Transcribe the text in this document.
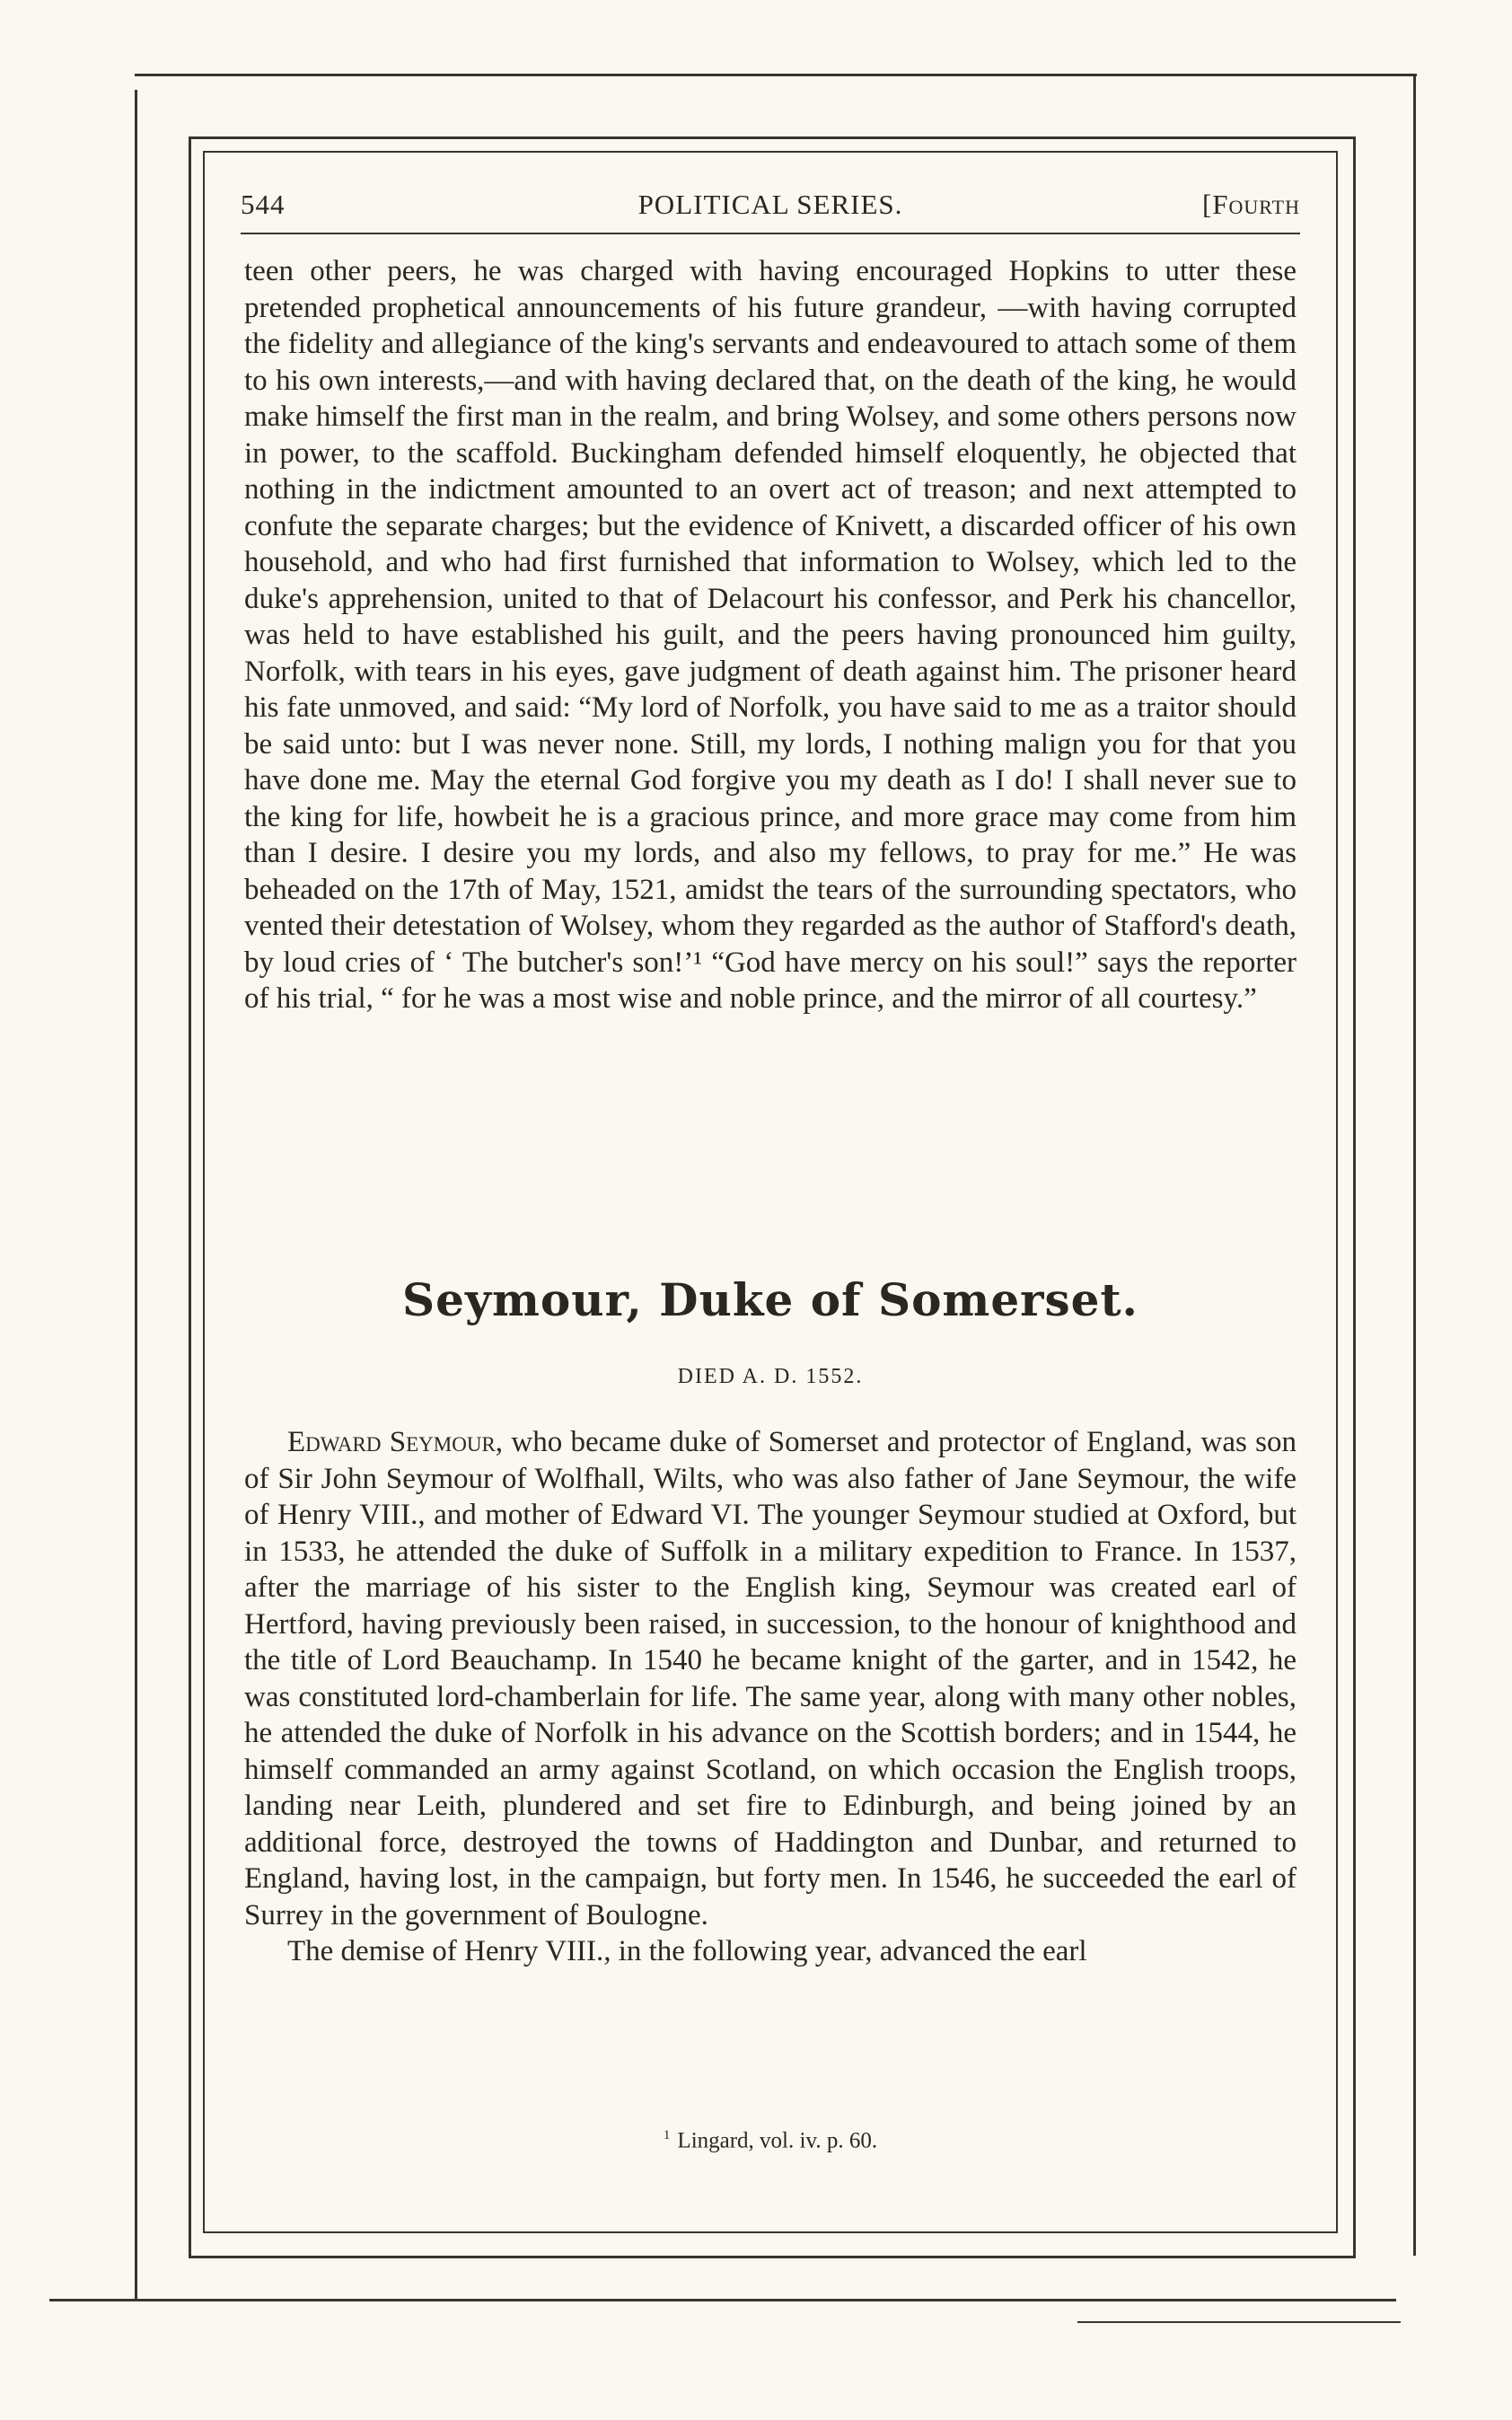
544	POLITICAL SERIES.	[Fourth

teen other peers, he was charged with having encouraged Hopkins to utter these pretended prophetical announcements of his future grandeur, —with having corrupted the fidelity and allegiance of the king's servants and endeavoured to attach some of them to his own interests,—and with having declared that, on the death of the king, he would make himself the first man in the realm, and bring Wolsey, and some others persons now in power, to the scaffold. Buckingham defended himself eloquently, he objected that nothing in the indictment amounted to an overt act of treason; and next attempted to confute the separate charges; but the evidence of Knivett, a discarded officer of his own household, and who had first furnished that information to Wolsey, which led to the duke's apprehension, united to that of Delacourt his confessor, and Perk his chancellor, was held to have established his guilt, and the peers having pronounced him guilty, Norfolk, with tears in his eyes, gave judgment of death against him. The prisoner heard his fate unmoved, and said: “My lord of Norfolk, you have said to me as a traitor should be said unto: but I was never none. Still, my lords, I nothing malign you for that you have done me. May the eternal God forgive you my death as I do! I shall never sue to the king for life, howbeit he is a gracious prince, and more grace may come from him than I desire. I desire you my lords, and also my fellows, to pray for me.” He was beheaded on the 17th of May, 1521, amidst the tears of the surrounding spectators, who vented their detestation of Wolsey, whom they regarded as the author of Stafford's death, by loud cries of ‘ The butcher's son!’¹ “God have mercy on his soul!” says the reporter of his trial, “ for he was a most wise and noble prince, and the mirror of all courtesy.”

Seymour, Duke of Somerset.
DIED A. D. 1552.

Edward Seymour, who became duke of Somerset and protector of England, was son of Sir John Seymour of Wolfhall, Wilts, who was also father of Jane Seymour, the wife of Henry VIII., and mother of Edward VI. The younger Seymour studied at Oxford, but in 1533, he attended the duke of Suffolk in a military expedition to France. In 1537, after the marriage of his sister to the English king, Seymour was created earl of Hertford, having previously been raised, in succession, to the honour of knighthood and the title of Lord Beauchamp. In 1540 he became knight of the garter, and in 1542, he was constituted lord-chamberlain for life. The same year, along with many other nobles, he attended the duke of Norfolk in his advance on the Scottish borders; and in 1544, he himself commanded an army against Scotland, on which occasion the English troops, landing near Leith, plundered and set fire to Edinburgh, and being joined by an additional force, destroyed the towns of Haddington and Dunbar, and returned to England, having lost, in the campaign, but forty men. In 1546, he succeeded the earl of Surrey in the government of Boulogne.

The demise of Henry VIII., in the following year, advanced the earl

$^1$ Lingard, vol. iv. p. 60.
